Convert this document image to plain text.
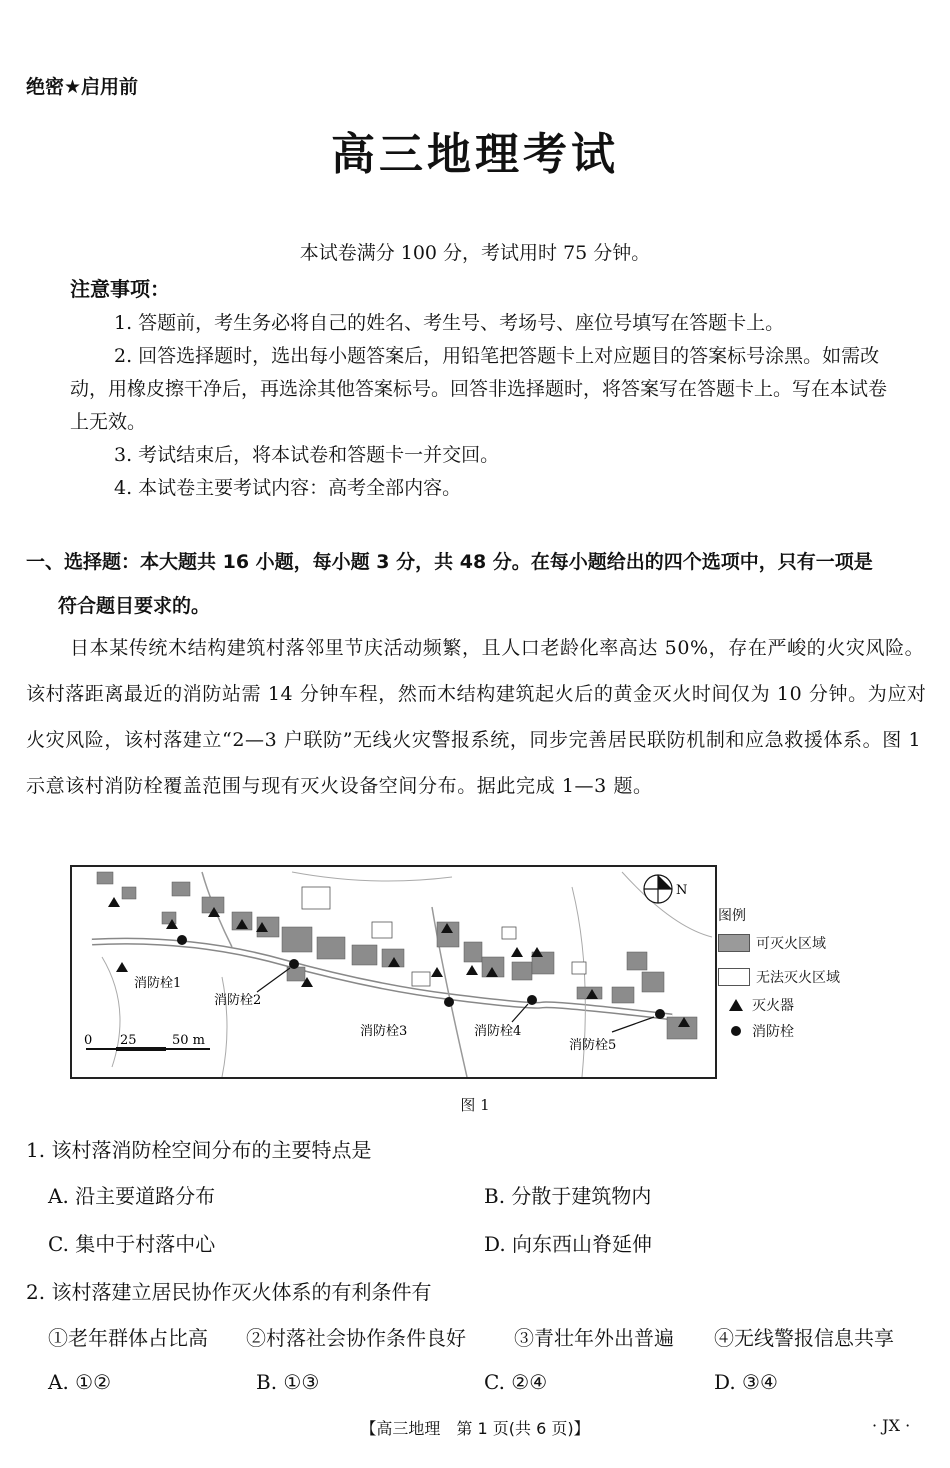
绝密★启用前
高三地理考试
本试卷满分 100 分，考试用时 75 分钟。
注意事项：

1. 答题前，考生务必将自己的姓名、考生号、考场号、座位号填写在答题卡上。

2. 回答选择题时，选出每小题答案后，用铅笔把答题卡上对应题目的答案标号涂黑。如需改动，用橡皮擦干净后，再选涂其他答案标号。回答非选择题时，将答案写在答题卡上。写在本试卷上无效。

3. 考试结束后，将本试卷和答题卡一并交回。

4. 本试卷主要考试内容：高考全部内容。

一、选择题：本大题共 16 小题，每小题 3 分，共 48 分。在每小题给出的四个选项中，只有一项是
符合题目要求的。

日本某传统木结构建筑村落邻里节庆活动频繁，且人口老龄化率高达 50%，存在严峻的火灾风险。该村落距离最近的消防站需 14 分钟车程，然而木结构建筑起火后的黄金灭火时间仅为 10 分钟。为应对火灾风险，该村落建立“2—3 户联防”无线火灾警报系统，同步完善居民联防机制和应急救援体系。图 1 示意该村消防栓覆盖范围与现有灭火设备空间分布。据此完成 1—3 题。

消防栓1
消防栓2
消防栓3	消防栓4
消防栓5
0 25	50 m
N
图例
可灭火区域
无法灭火区域
灭火器
消防栓
图 1
1. 该村落消防栓空间分布的主要特点是
A. 沿主要道路分布	B. 分散于建筑物内
C. 集中于村落中心	D. 向东西山脊延伸
2. 该村落建立居民协作灭火体系的有利条件有
①老年群体占比高 ②村落社会协作条件良好 ③青壮年外出普遍 ④无线警报信息共享
A. ①②	B. ①③	C. ②④	D. ③④
【高三地理　第 1 页(共 6 页)】	· JX ·
